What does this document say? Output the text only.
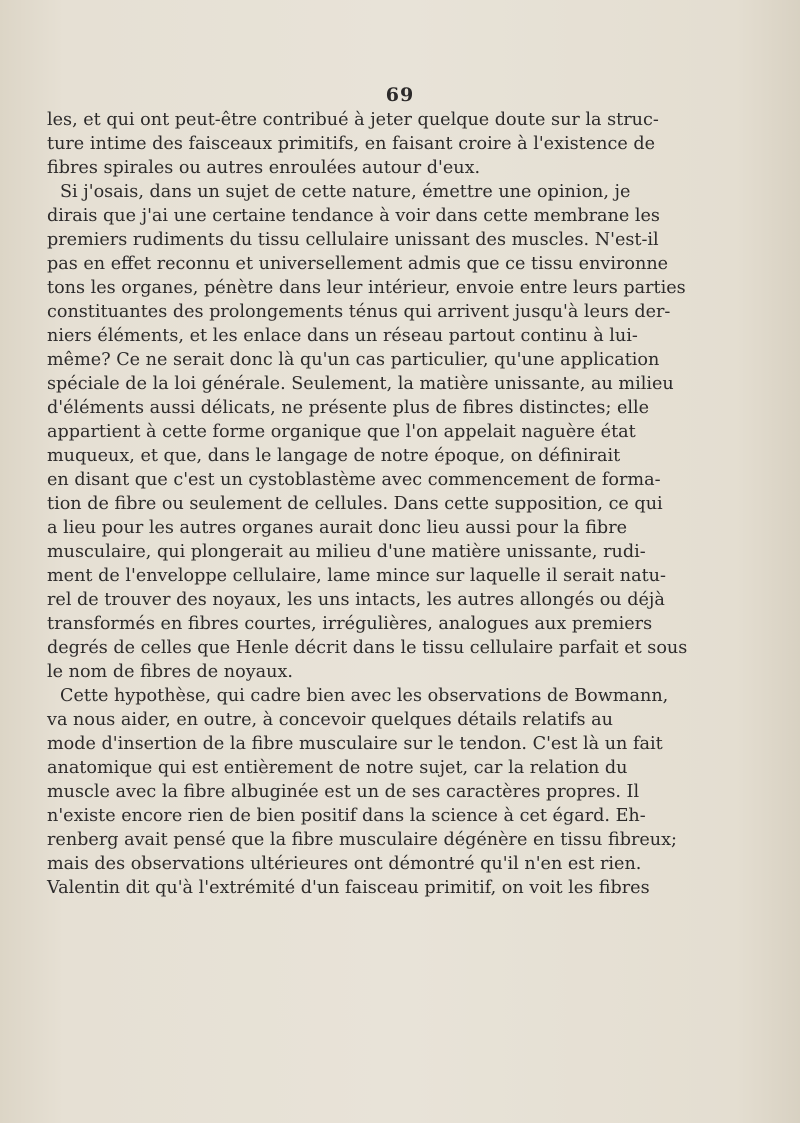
69
les, et qui ont peut-être contribué à jeter quelque doute sur la struc-
ture intime des faisceaux primitifs, en faisant croire à l'existence de
fibres spirales ou autres enroulées autour d'eux.
Si j'osais, dans un sujet de cette nature, émettre une opinion, je
dirais que j'ai une certaine tendance à voir dans cette membrane les
premiers rudiments du tissu cellulaire unissant des muscles. N'est-il
pas en effet reconnu et universellement admis que ce tissu environne
tons les organes, pénètre dans leur intérieur, envoie entre leurs parties
constituantes des prolongements ténus qui arrivent jusqu'à leurs der-
niers éléments, et les enlace dans un réseau partout continu à lui-
même? Ce ne serait donc là qu'un cas particulier, qu'une application
spéciale de la loi générale. Seulement, la matière unissante, au milieu
d'éléments aussi délicats, ne présente plus de fibres distinctes; elle
appartient à cette forme organique que l'on appelait naguère état
muqueux, et que, dans le langage de notre époque, on définirait
en disant que c'est un cystoblastème avec commencement de forma-
tion de fibre ou seulement de cellules. Dans cette supposition, ce qui
a lieu pour les autres organes aurait donc lieu aussi pour la fibre
musculaire, qui plongerait au milieu d'une matière unissante, rudi-
ment de l'enveloppe cellulaire, lame mince sur laquelle il serait natu-
rel de trouver des noyaux, les uns intacts, les autres allongés ou déjà
transformés en fibres courtes, irrégulières, analogues aux premiers
degrés de celles que Henle décrit dans le tissu cellulaire parfait et sous
le nom de fibres de noyaux.
Cette hypothèse, qui cadre bien avec les observations de Bowmann,
va nous aider, en outre, à concevoir quelques détails relatifs au
mode d'insertion de la fibre musculaire sur le tendon. C'est là un fait
anatomique qui est entièrement de notre sujet, car la relation du
muscle avec la fibre albuginée est un de ses caractères propres. Il
n'existe encore rien de bien positif dans la science à cet égard. Eh-
renberg avait pensé que la fibre musculaire dégénère en tissu fibreux;
mais des observations ultérieures ont démontré qu'il n'en est rien.
Valentin dit qu'à l'extrémité d'un faisceau primitif, on voit les fibres
